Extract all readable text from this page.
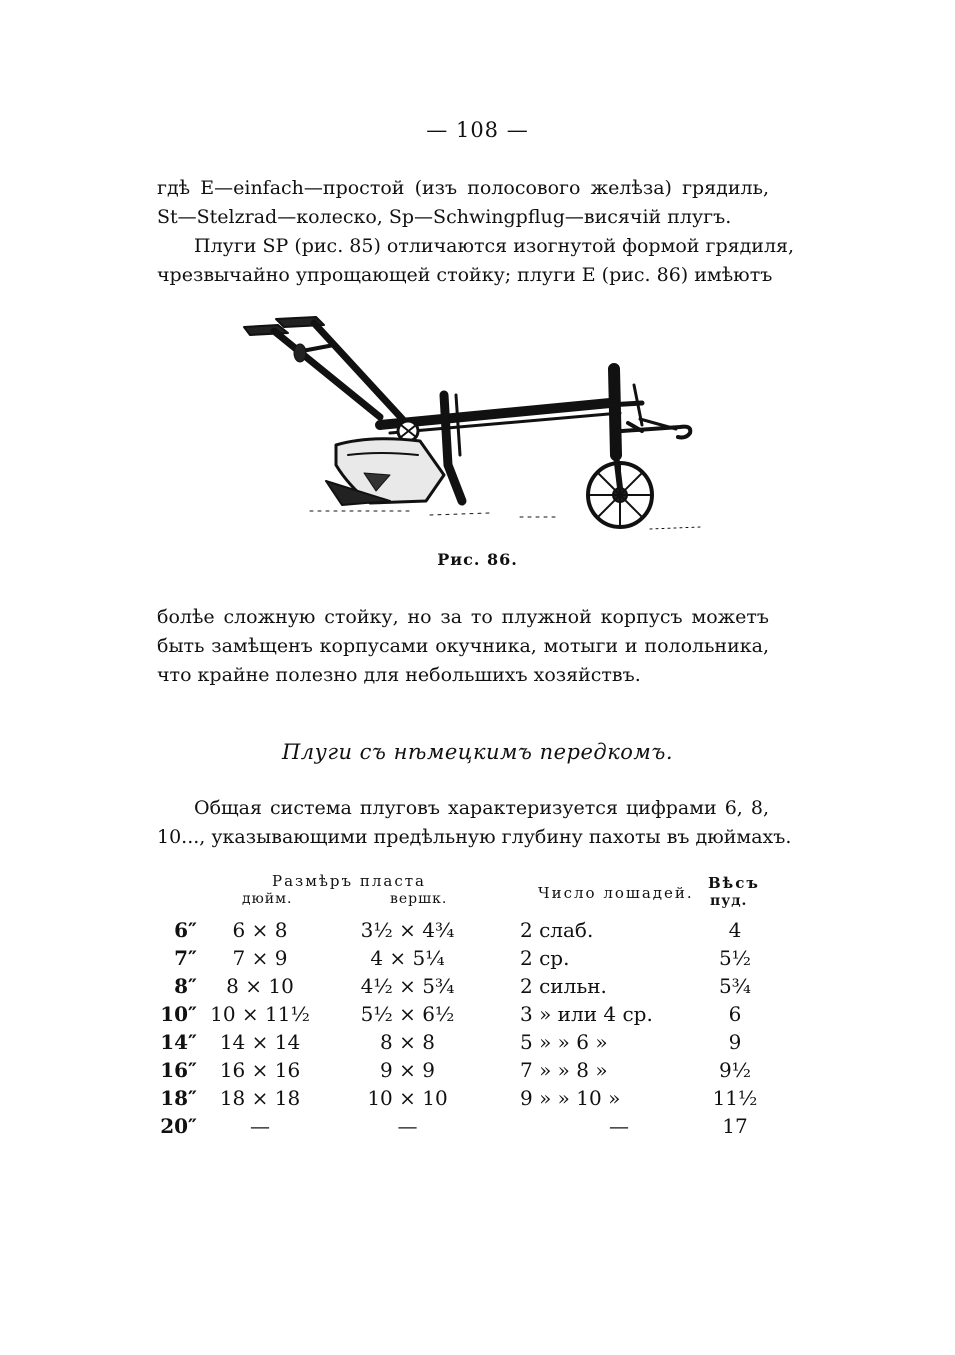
— 108 —
гдѣ E—einfach—простой (изъ полосового желѣза) грядиль,
St—Stelzrad—колеско, Sp—Schwingpflug—висячій плугъ.
Плуги SP (рис. 85) отличаются изогнутой формой грядиля,
чрезвычайно упрощающей стойку; плуги E (рис. 86) имѣютъ
Рис. 86.
болѣе сложную стойку, но за то плужной корпусъ можетъ
быть замѣщенъ корпусами окучника, мотыги и полольника,
что крайне полезно для небольшихъ хозяйствъ.
Плуги съ нѣмецкимъ передкомъ.
Общая система плуговъ характеризуется цифрами 6, 8,
10..., указывающими предѣльную глубину пахоты въ дюймахъ.
Размѣръ пласта
дюйм.	вершк.	Число лошадей.
Вѣсъ
пуд.
6″	6 × 8	3½ × 4¾	2 слаб.	4
7″	7 × 9	4 × 5¼	2 ср.	5½
8″	8 × 10	4½ × 5¾	2 сильн.	5¾
10″ 10 × 11½	5½ × 6½	3 » или 4 ср.	6
14″	14 × 14	8 × 8	5 » » 6 »	9
16″	16 × 16	9 × 9	7 » » 8 »	9½
18″	18 × 18	10 × 10	9 » » 10 »	11½
20″	—	—	—	17
